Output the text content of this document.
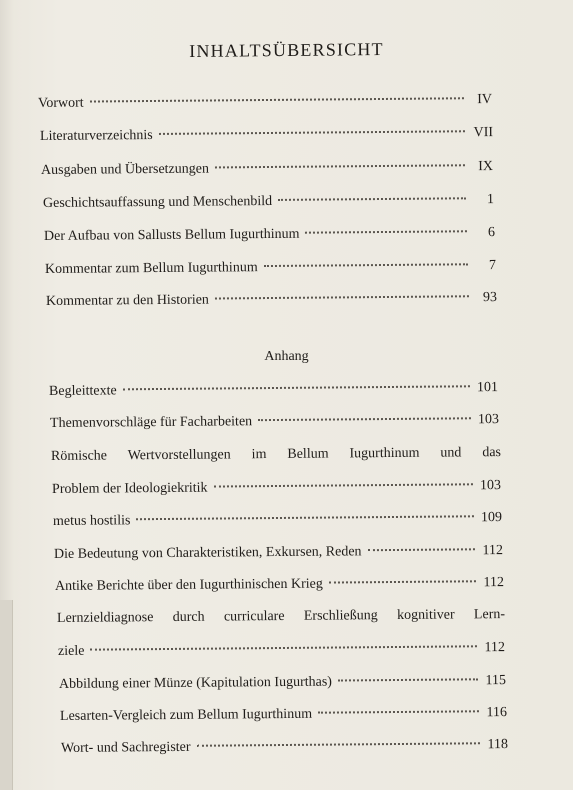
INHALTSÜBERSICHT
Vorwort	IV
Literaturverzeichnis	VII
Ausgaben und Übersetzungen	IX
Geschichtsauffassung und Menschenbild	1
Der Aufbau von Sallusts Bellum Iugurthinum	6
Kommentar zum Bellum Iugurthinum	7
Kommentar zu den Historien	93
Anhang
Begleittexte	101
Themenvorschläge für Facharbeiten	103
Römische Wertvorstellungen im Bellum Iugurthinum und das
Problem der Ideologiekritik	103
metus hostilis	109
Die Bedeutung von Charakteristiken, Exkursen, Reden	112
Antike Berichte über den Iugurthinischen Krieg	112
Lernzieldiagnose durch curriculare Erschließung kognitiver Lern-
ziele	112
Abbildung einer Münze (Kapitulation Iugurthas)	115
Lesarten-Vergleich zum Bellum Iugurthinum	116
Wort- und Sachregister	118
